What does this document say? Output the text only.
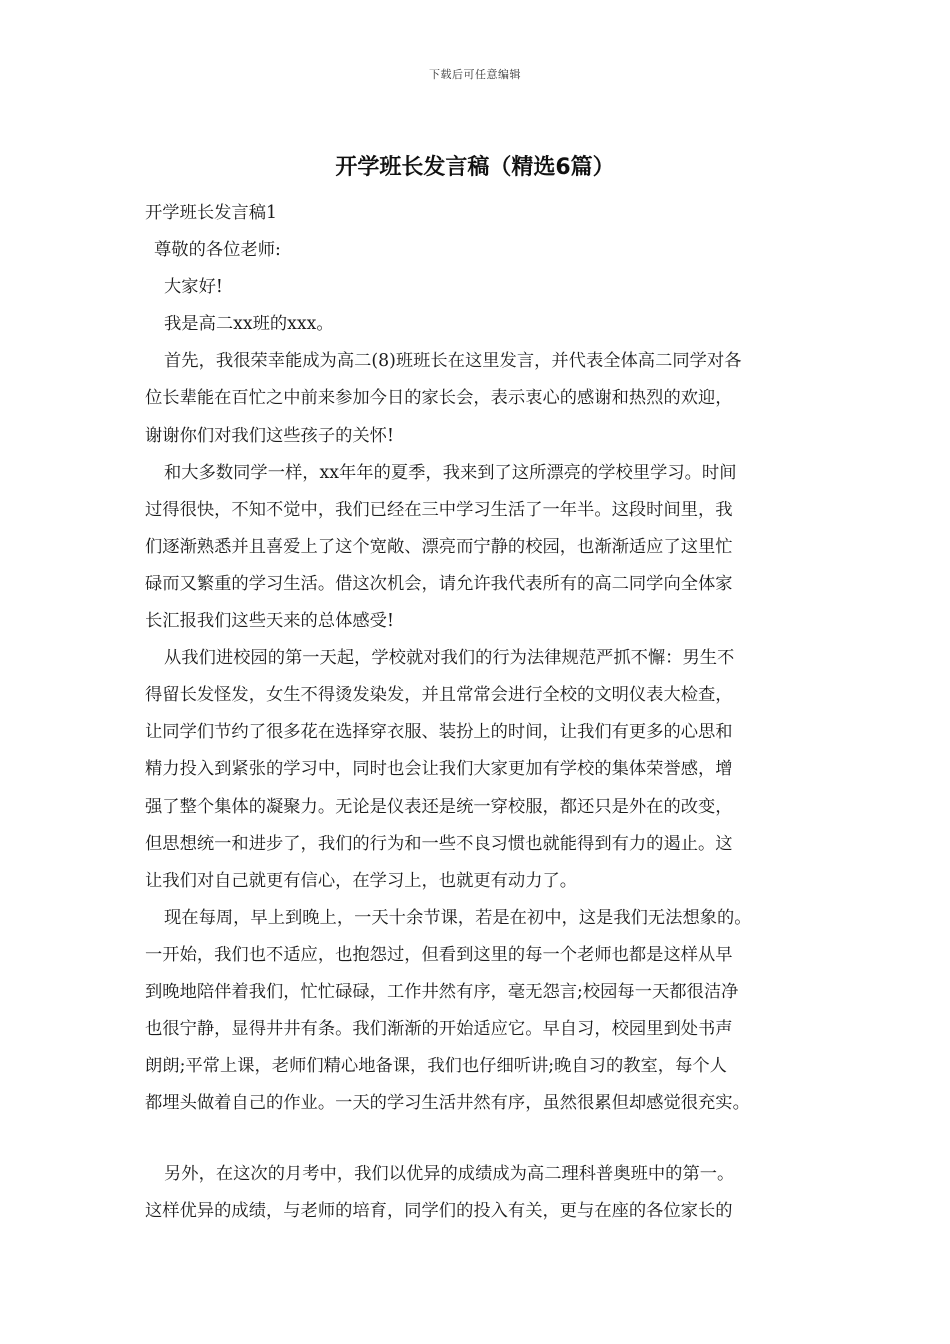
下载后可任意编辑
开学班长发言稿（精选6篇）
开学班长发言稿1
尊敬的各位老师:
大家好!
我是高二xx班的xxx。
首先，我很荣幸能成为高二(8)班班长在这里发言，并代表全体高二同学对各
位长辈能在百忙之中前来参加今日的家长会，表示衷心的感谢和热烈的欢迎，
谢谢你们对我们这些孩子的关怀!
和大多数同学一样，xx年年的夏季，我来到了这所漂亮的学校里学习。时间
过得很快，不知不觉中，我们已经在三中学习生活了一年半。这段时间里，我
们逐渐熟悉并且喜爱上了这个宽敞、漂亮而宁静的校园，也渐渐适应了这里忙
碌而又繁重的学习生活。借这次机会，请允许我代表所有的高二同学向全体家
长汇报我们这些天来的总体感受!
从我们进校园的第一天起，学校就对我们的行为法律规范严抓不懈：男生不
得留长发怪发，女生不得烫发染发，并且常常会进行全校的文明仪表大检查，
让同学们节约了很多花在选择穿衣服、装扮上的时间，让我们有更多的心思和
精力投入到紧张的学习中，同时也会让我们大家更加有学校的集体荣誉感，增
强了整个集体的凝聚力。无论是仪表还是统一穿校服，都还只是外在的改变，
但思想统一和进步了，我们的行为和一些不良习惯也就能得到有力的遏止。这
让我们对自己就更有信心，在学习上，也就更有动力了。
现在每周，早上到晚上，一天十余节课，若是在初中，这是我们无法想象的。
一开始，我们也不适应，也抱怨过，但看到这里的每一个老师也都是这样从早
到晚地陪伴着我们，忙忙碌碌，工作井然有序，毫无怨言;校园每一天都很洁净
也很宁静，显得井井有条。我们渐渐的开始适应它。早自习，校园里到处书声
朗朗;平常上课，老师们精心地备课，我们也仔细听讲;晚自习的教室，每个人
都埋头做着自己的作业。一天的学习生活井然有序，虽然很累但却感觉很充实。
另外，在这次的月考中，我们以优异的成绩成为高二理科普奥班中的第一。
这样优异的成绩，与老师的培育，同学们的投入有关，更与在座的各位家长的
